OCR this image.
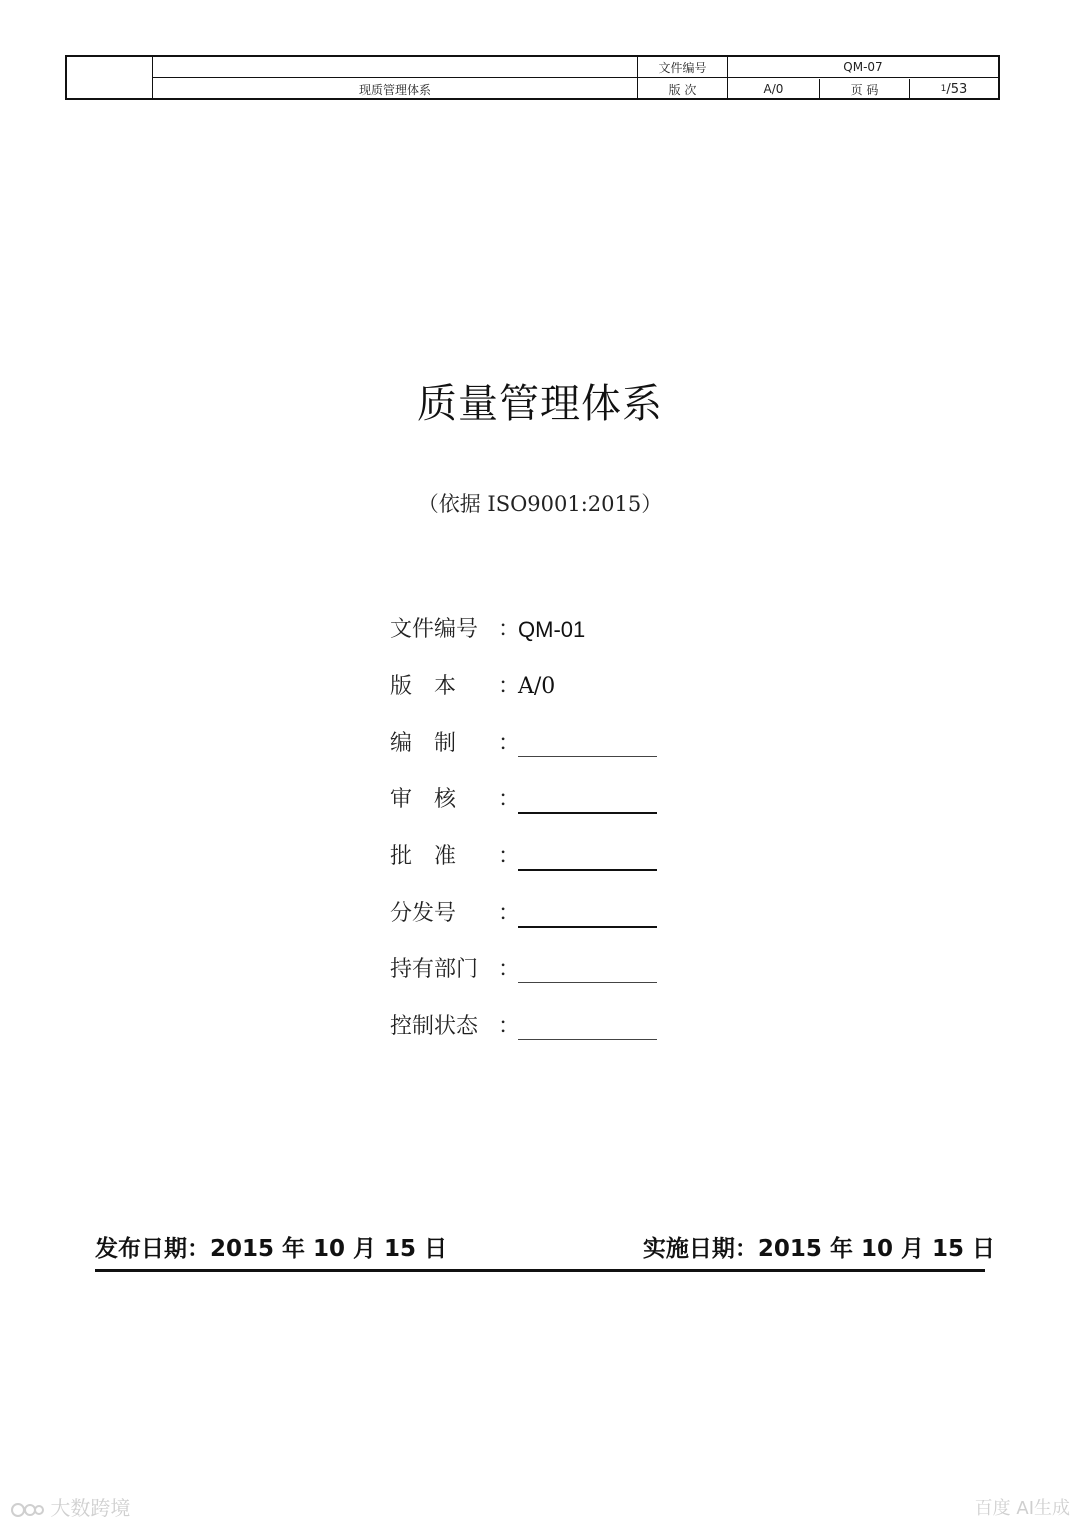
现质管理体系
文件编号	QM-07
版 次	A/0	页 码	1 /53
质量管理体系
（依据 ISO9001:2015）
文件编号 ：
QM-01
版　本	：
A/0
编　制	：
审　核	：
批　准	：
分发号	：
持有部门 ：
控制状态 ：
发布日期：2015 年 10 月 15 日	实施日期：2015 年 10 月 15 日
大数跨境	百度 AI生成
